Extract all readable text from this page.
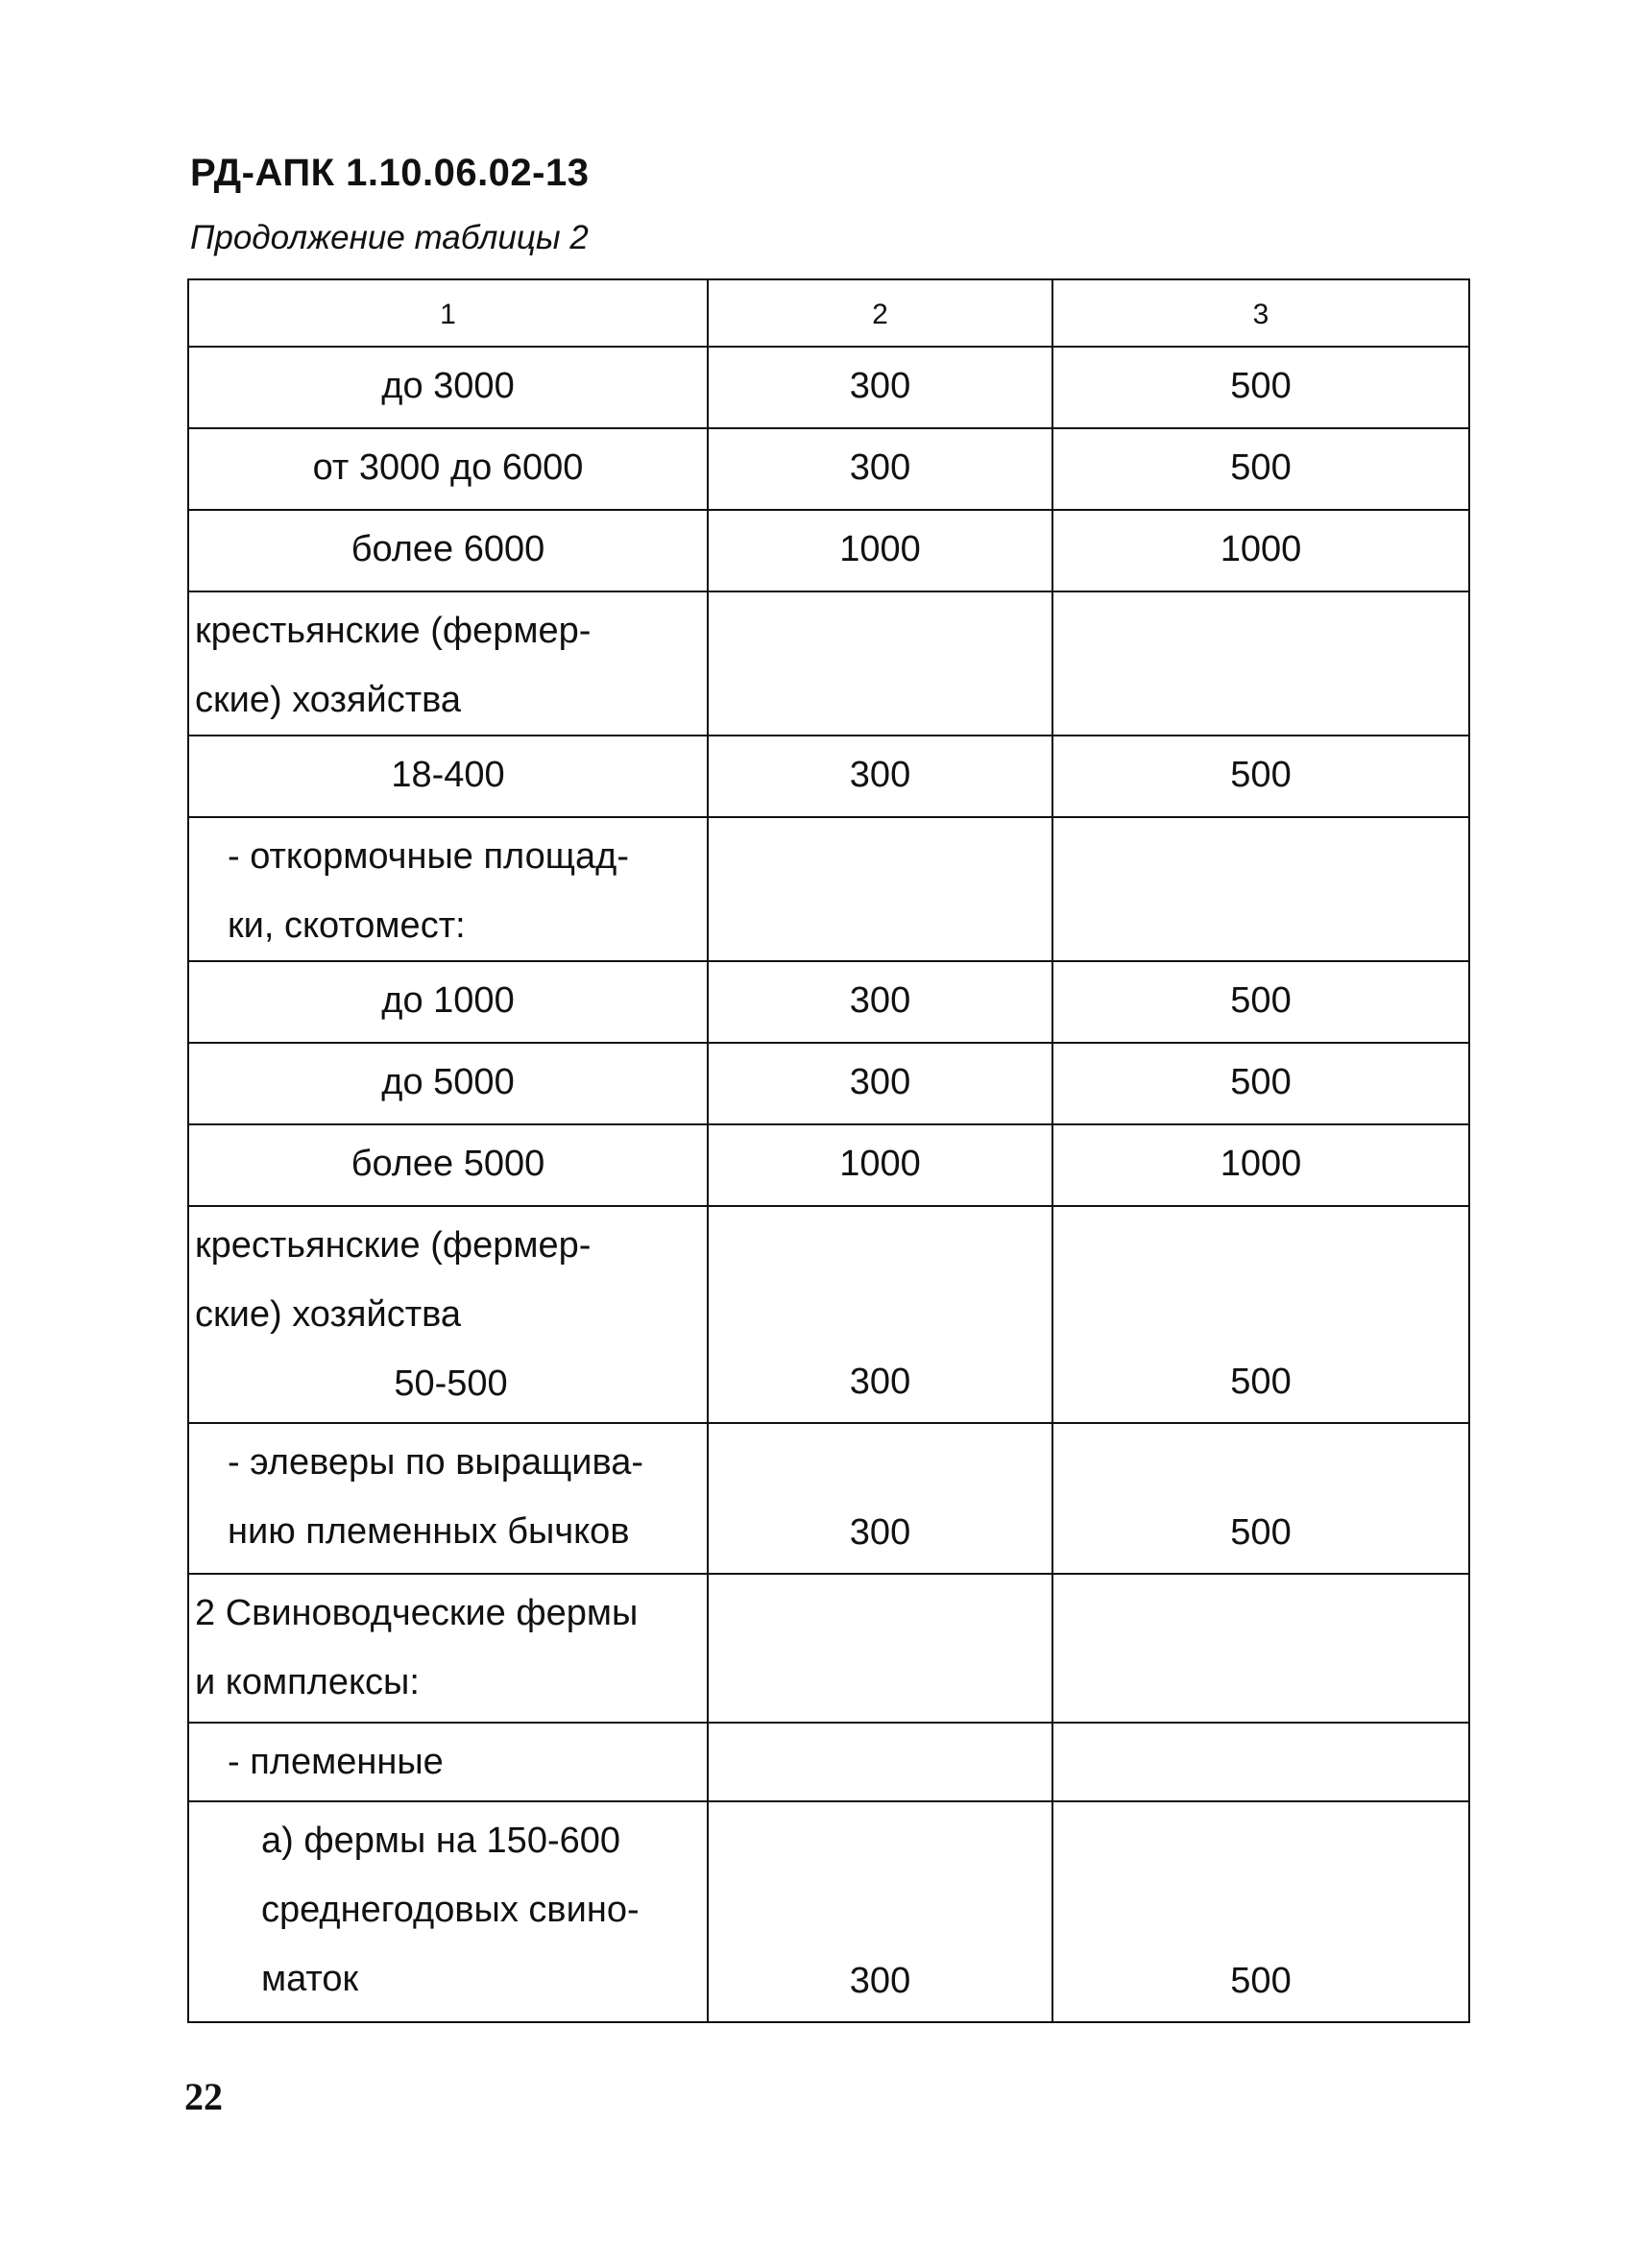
РД-АПК 1.10.06.02-13

Продолжение таблицы 2

1	2	3
до 3000	300	500
от 3000 до 6000	300	500
более 6000	1000	1000

крестьянские (фермер-
ские) хозяйства		

18-400	300	500

- откормочные площад-
ки, скотомест:		

до 1000	300	500
до 5000	300	500
более 5000	1000	1000

крестьянские (фермер-
ские) хозяйства
50-500	300	500

- элеверы по выращива-
нию племенных бычков	300	500

2 Свиноводческие фермы
и комплексы:		

- племенные		

а) фермы на 150-600
среднегодовых свино-
маток	300	500

22
